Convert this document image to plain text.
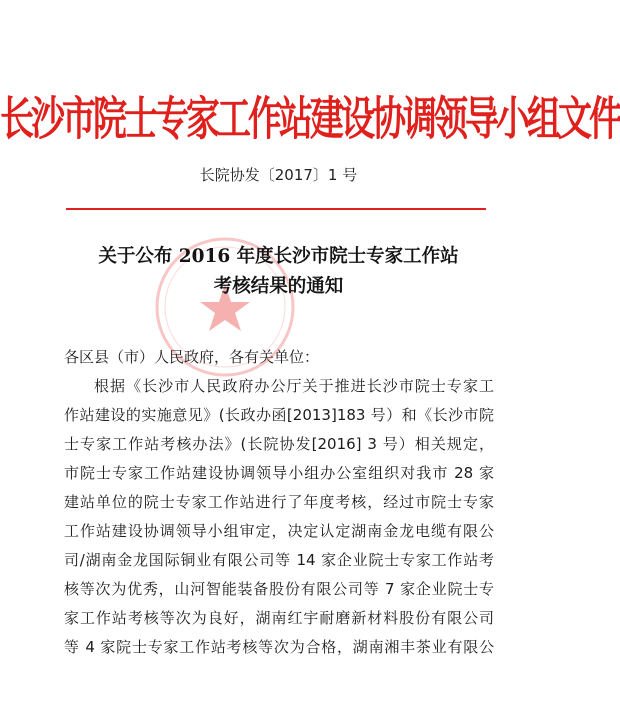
长沙市院士专家工作站建设协调领导小组文件
长院协发〔2017〕1 号
关于公布 2016 年度长沙市院士专家工作站
考核结果的通知
各区县（市）人民政府，各有关单位：
根据《长沙市人民政府办公厅关于推进长沙市院士专家工
作站建设的实施意见》(长政办函[2013]183 号）和《长沙市院
士专家工作站考核办法》(长院协发[2016] 3 号）相关规定，
市院士专家工作站建设协调领导小组办公室组织对我市 28 家
建站单位的院士专家工作站进行了年度考核，经过市院士专家
工作站建设协调领导小组审定，决定认定湖南金龙电缆有限公
司/湖南金龙国际铜业有限公司等 14 家企业院士专家工作站考
核等次为优秀，山河智能装备股份有限公司等 7 家企业院士专
家工作站考核等次为良好，湖南红宇耐磨新材料股份有限公司
等 4 家院士专家工作站考核等次为合格，湖南湘丰茶业有限公
